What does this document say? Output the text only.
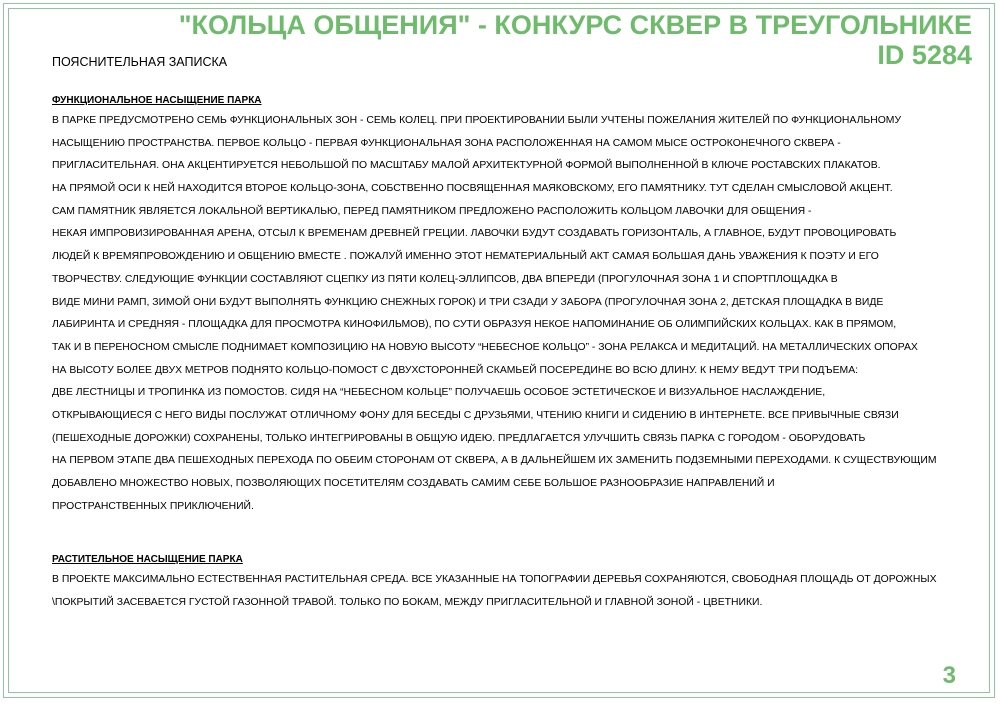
"КОЛЬЦА ОБЩЕНИЯ" - КОНКУРС СКВЕР В ТРЕУГОЛЬНИКЕ
ID 5284
ПОЯСНИТЕЛЬНАЯ ЗАПИСКА
ФУНКЦИОНАЛЬНОЕ НАСЫЩЕНИЕ ПАРКА
В ПАРКЕ ПРЕДУСМОТРЕНО СЕМЬ ФУНКЦИОНАЛЬНЫХ ЗОН - СЕМЬ КОЛЕЦ. ПРИ ПРОЕКТИРОВАНИИ БЫЛИ УЧТЕНЫ ПОЖЕЛАНИЯ ЖИТЕЛЕЙ ПО ФУНКЦИОНАЛЬНОМУ
НАСЫЩЕНИЮ ПРОСТРАНСТВА. ПЕРВОЕ КОЛЬЦО - ПЕРВАЯ ФУНКЦИОНАЛЬНАЯ ЗОНА РАСПОЛОЖЕННАЯ НА САМОМ МЫСЕ ОСТРОКОНЕЧНОГО СКВЕРА -
ПРИГЛАСИТЕЛЬНАЯ. ОНА АКЦЕНТИРУЕТСЯ НЕБОЛЬШОЙ ПО МАСШТАБУ МАЛОЙ АРХИТЕКТУРНОЙ ФОРМОЙ ВЫПОЛНЕННОЙ В КЛЮЧЕ РОСТАВСКИХ ПЛАКАТОВ.
НА ПРЯМОЙ ОСИ К НЕЙ НАХОДИТСЯ ВТОРОЕ КОЛЬЦО-ЗОНА, СОБСТВЕННО ПОСВЯЩЕННАЯ МАЯКОВСКОМУ, ЕГО ПАМЯТНИКУ. ТУТ СДЕЛАН СМЫСЛОВОЙ АКЦЕНТ.
САМ ПАМЯТНИК ЯВЛЯЕТСЯ ЛОКАЛЬНОЙ ВЕРТИКАЛЬЮ, ПЕРЕД ПАМЯТНИКОМ ПРЕДЛОЖЕНО РАСПОЛОЖИТЬ КОЛЬЦОМ ЛАВОЧКИ ДЛЯ ОБЩЕНИЯ -
НЕКАЯ ИМПРОВИЗИРОВАННАЯ АРЕНА, ОТСЫЛ К ВРЕМЕНАМ ДРЕВНЕЙ ГРЕЦИИ. ЛАВОЧКИ БУДУТ СОЗДАВАТЬ ГОРИЗОНТАЛЬ, А ГЛАВНОЕ, БУДУТ ПРОВОЦИРОВАТЬ
ЛЮДЕЙ К ВРЕМЯПРОВОЖДЕНИЮ И ОБЩЕНИЮ ВМЕСТЕ . ПОЖАЛУЙ ИМЕННО ЭТОТ НЕМАТЕРИАЛЬНЫЙ АКТ САМАЯ БОЛЬШАЯ ДАНЬ УВАЖЕНИЯ К ПОЭТУ И ЕГО
ТВОРЧЕСТВУ. СЛЕДУЮЩИЕ ФУНКЦИИ СОСТАВЛЯЮТ СЦЕПКУ ИЗ ПЯТИ КОЛЕЦ-ЭЛЛИПСОВ, ДВА ВПЕРЕДИ (ПРОГУЛОЧНАЯ ЗОНА 1 И СПОРТПЛОЩАДКА В
ВИДЕ МИНИ РАМП, ЗИМОЙ ОНИ БУДУТ ВЫПОЛНЯТЬ ФУНКЦИЮ СНЕЖНЫХ ГОРОК) И ТРИ СЗАДИ У ЗАБОРА (ПРОГУЛОЧНАЯ ЗОНА 2, ДЕТСКАЯ ПЛОЩАДКА В ВИДЕ
ЛАБИРИНТА И СРЕДНЯЯ - ПЛОЩАДКА ДЛЯ ПРОСМОТРА КИНОФИЛЬМОВ), ПО СУТИ ОБРАЗУЯ НЕКОЕ НАПОМИНАНИЕ ОБ ОЛИМПИЙСКИХ КОЛЬЦАХ. КАК В ПРЯМОМ,
ТАК И В ПЕРЕНОСНОМ СМЫСЛЕ ПОДНИМАЕТ КОМПОЗИЦИЮ НА НОВУЮ ВЫСОТУ “НЕБЕСНОЕ КОЛЬЦО” - ЗОНА РЕЛАКСА И МЕДИТАЦИЙ. НА МЕТАЛЛИЧЕСКИХ ОПОРАХ
НА ВЫСОТУ БОЛЕЕ ДВУХ МЕТРОВ ПОДНЯТО КОЛЬЦО-ПОМОСТ С ДВУХСТОРОННЕЙ СКАМЬЕЙ ПОСЕРЕДИНЕ ВО ВСЮ ДЛИНУ. К НЕМУ ВЕДУТ ТРИ ПОДЪЕМА:
ДВЕ ЛЕСТНИЦЫ И ТРОПИНКА ИЗ ПОМОСТОВ. СИДЯ НА “НЕБЕСНОМ КОЛЬЦЕ” ПОЛУЧАЕШЬ ОСОБОЕ ЭСТЕТИЧЕСКОЕ И ВИЗУАЛЬНОЕ НАСЛАЖДЕНИЕ,
ОТКРЫВАЮЩИЕСЯ С НЕГО ВИДЫ ПОСЛУЖАТ ОТЛИЧНОМУ ФОНУ ДЛЯ БЕСЕДЫ С ДРУЗЬЯМИ, ЧТЕНИЮ КНИГИ И СИДЕНИЮ В ИНТЕРНЕТЕ. ВСЕ ПРИВЫЧНЫЕ СВЯЗИ
(ПЕШЕХОДНЫЕ ДОРОЖКИ) СОХРАНЕНЫ, ТОЛЬКО ИНТЕГРИРОВАНЫ В ОБЩУЮ ИДЕЮ. ПРЕДЛАГАЕТСЯ УЛУЧШИТЬ СВЯЗЬ ПАРКА С ГОРОДОМ - ОБОРУДОВАТЬ
НА ПЕРВОМ ЭТАПЕ ДВА ПЕШЕХОДНЫХ ПЕРЕХОДА ПО ОБЕИМ СТОРОНАМ ОТ СКВЕРА, А В ДАЛЬНЕЙШЕМ ИХ ЗАМЕНИТЬ ПОДЗЕМНЫМИ ПЕРЕХОДАМИ. К СУЩЕСТВУЮЩИМ
ДОБАВЛЕНО МНОЖЕСТВО НОВЫХ, ПОЗВОЛЯЮЩИХ ПОСЕТИТЕЛЯМ СОЗДАВАТЬ САМИМ СЕБЕ БОЛЬШОЕ РАЗНООБРАЗИЕ НАПРАВЛЕНИЙ И
ПРОСТРАНСТВЕННЫХ ПРИКЛЮЧЕНИЙ.
РАСТИТЕЛЬНОЕ НАСЫЩЕНИЕ ПАРКА
В ПРОЕКТЕ МАКСИМАЛЬНО ЕСТЕСТВЕННАЯ РАСТИТЕЛЬНАЯ СРЕДА. ВСЕ УКАЗАННЫЕ НА ТОПОГРАФИИ ДЕРЕВЬЯ СОХРАНЯЮТСЯ, СВОБОДНАЯ ПЛОЩАДЬ ОТ ДОРОЖНЫХ
\ПОКРЫТИЙ ЗАСЕВАЕТСЯ ГУСТОЙ ГАЗОННОЙ ТРАВОЙ. ТОЛЬКО ПО БОКАМ, МЕЖДУ ПРИГЛАСИТЕЛЬНОЙ И ГЛАВНОЙ ЗОНОЙ - ЦВЕТНИКИ.
3
